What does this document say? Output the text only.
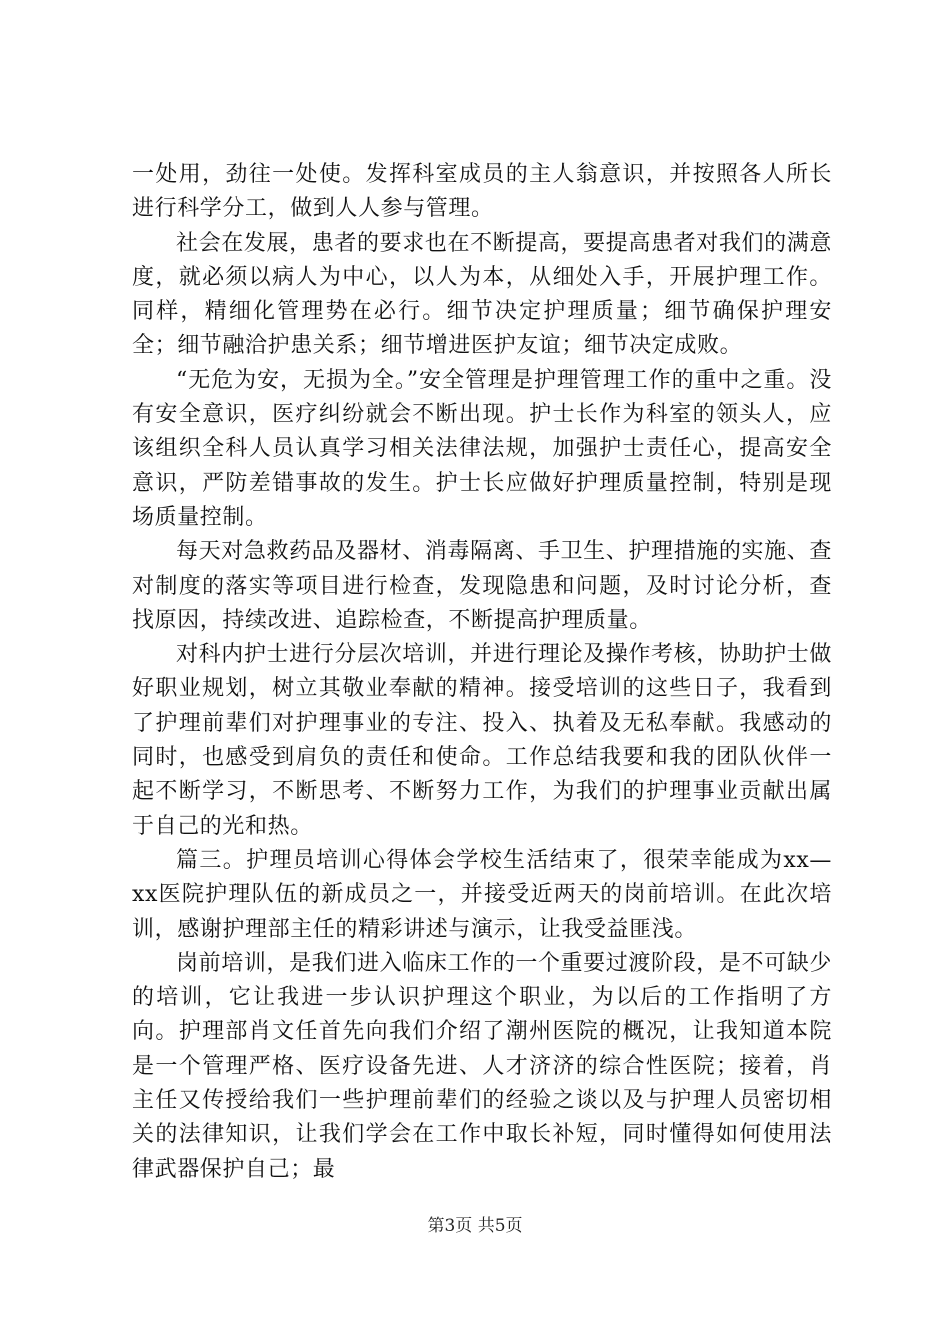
一处用，劲往一处使。发挥科室成员的主人翁意识，并按照各人所长进行科学分工，做到人人参与管理。

社会在发展，患者的要求也在不断提高，要提高患者对我们的满意度，就必须以病人为中心，以人为本，从细处入手，开展护理工作。同样，精细化管理势在必行。细节决定护理质量；细节确保护理安全；细节融洽护患关系；细节增进医护友谊；细节决定成败。

“无危为安，无损为全。”安全管理是护理管理工作的重中之重。没有安全意识，医疗纠纷就会不断出现。护士长作为科室的领头人，应该组织全科人员认真学习相关法律法规，加强护士责任心，提高安全意识，严防差错事故的发生。护士长应做好护理质量控制，特别是现场质量控制。

每天对急救药品及器材、消毒隔离、手卫生、护理措施的实施、查对制度的落实等项目进行检查，发现隐患和问题，及时讨论分析，查找原因，持续改进、追踪检查，不断提高护理质量。

对科内护士进行分层次培训，并进行理论及操作考核，协助护士做好职业规划，树立其敬业奉献的精神。接受培训的这些日子，我看到了护理前辈们对护理事业的专注、投入、执着及无私奉献。我感动的同时，也感受到肩负的责任和使命。工作总结我要和我的团队伙伴一起不断学习，不断思考、不断努力工作，为我们的护理事业贡献出属于自己的光和热。

篇三。护理员培训心得体会学校生活结束了，很荣幸能成为xx—xx医院护理队伍的新成员之一，并接受近两天的岗前培训。在此次培训，感谢护理部主任的精彩讲述与演示，让我受益匪浅。

岗前培训，是我们进入临床工作的一个重要过渡阶段，是不可缺少的培训，它让我进一步认识护理这个职业，为以后的工作指明了方向。护理部肖文任首先向我们介绍了潮州医院的概况，让我知道本院是一个管理严格、医疗设备先进、人才济济的综合性医院；接着，肖主任又传授给我们一些护理前辈们的经验之谈以及与护理人员密切相关的法律知识，让我们学会在工作中取长补短，同时懂得如何使用法律武器保护自己；最

第3页 共5页
